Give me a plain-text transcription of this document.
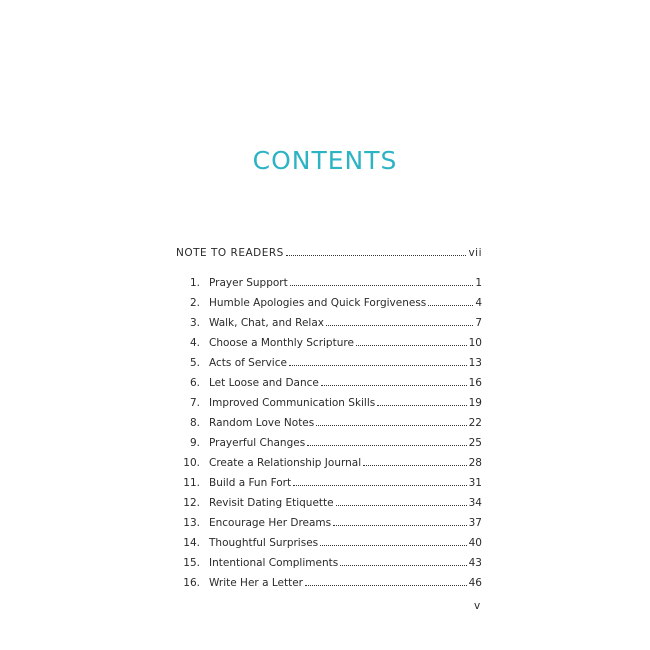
CONTENTS
NOTE TO READERS	vii
1. Prayer Support	1
2. Humble Apologies and Quick Forgiveness	4
3. Walk, Chat, and Relax	7
4. Choose a Monthly Scripture	10
5. Acts of Service	13
6. Let Loose and Dance	16
7. Improved Communication Skills	19
8. Random Love Notes	22
9. Prayerful Changes	25
10. Create a Relationship Journal	28
11. Build a Fun Fort	31
12. Revisit Dating Etiquette	34
13. Encourage Her Dreams	37
14. Thoughtful Surprises	40
15. Intentional Compliments	43
16. Write Her a Letter	46
v
